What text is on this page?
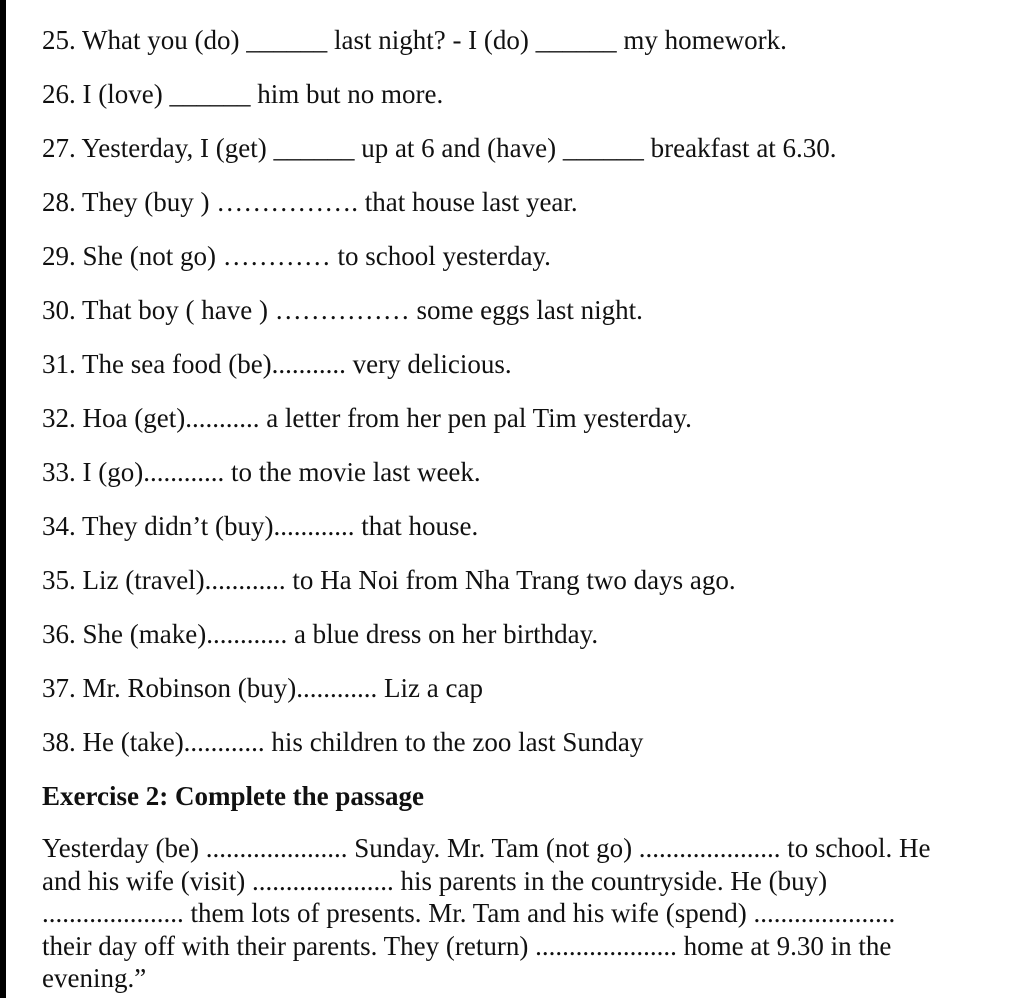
25. What you (do) ______ last night? - I (do) ______ my homework.
26. I (love) ______ him but no more.
27. Yesterday, I (get) ______ up at 6 and (have) ______ breakfast at 6.30.
28. They (buy ) ……………. that house last year.
29. She (not go) ………… to school yesterday.
30. That boy ( have ) …………… some eggs last night.
31. The sea food (be)........... very delicious.
32. Hoa (get)........... a letter from her pen pal Tim yesterday.
33. I (go)............ to the movie last week.
34. They didn’t (buy)............ that house.
35. Liz (travel)............ to Ha Noi from Nha Trang two days ago.
36. She (make)............ a blue dress on her birthday.
37. Mr. Robinson (buy)............ Liz a cap
38. He (take)............ his children to the zoo last Sunday
Exercise 2: Complete the passage
Yesterday (be) ..................... Sunday. Mr. Tam (not go) ..................... to school. He
and his wife (visit) ..................... his parents in the countryside. He (buy)
..................... them lots of presents. Mr. Tam and his wife (spend) .....................
their day off with their parents. They (return) ..................... home at 9.30 in the
evening.”
